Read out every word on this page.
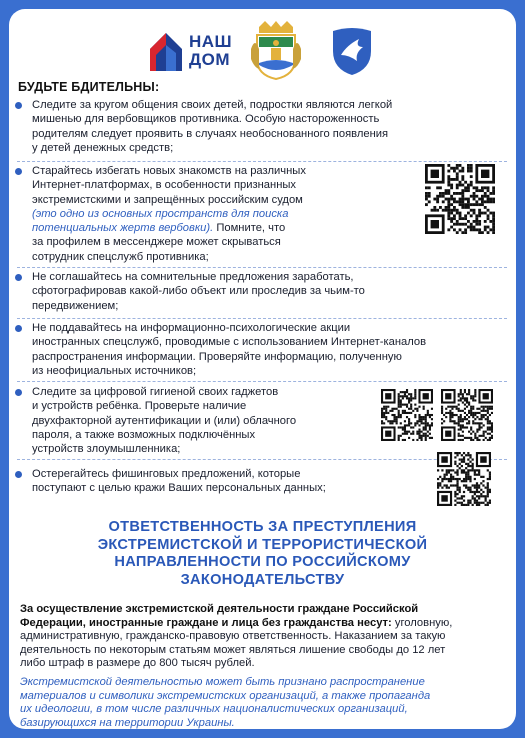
НАШ
ДОМ
БУДЬТЕ БДИТЕЛЬНЫ:
Следите за кругом общения своих детей, подростки являются легкой
мишенью для вербовщиков противника. Особую настороженность
родителям следует проявить в случаях необоснованного появления
у детей денежных средств;
Старайтесь избегать новых знакомств на различных
Интернет-платформах, в особенности признанных
экстремистскими и запрещённых российским судом
(это одно из основных пространств для поиска
потенциальных жертв вербовки). Помните, что
за профилем в мессенджере может скрываться
сотрудник спецслужб противника;
Не соглашайтесь на сомнительные предложения заработать,
сфотографировав какой-либо объект или проследив за чьим-то
передвижением;
Не поддавайтесь на информационно-психологические акции
иностранных спецслужб, проводимые с использованием Интернет-каналов
распространения информации. Проверяйте информацию, полученную
из неофициальных источников;
Следите за цифровой гигиеной своих гаджетов
и устройств ребёнка. Проверьте наличие
двухфакторной аутентификации и (или) облачного
пароля, а также возможных подключённых
устройств злоумышленника;
Остерегайтесь фишинговых предложений, которые
поступают с целью кражи Ваших персональных данных;
ОТВЕТСТВЕННОСТЬ ЗА ПРЕСТУПЛЕНИЯ
ЭКСТРЕМИСТСКОЙ И ТЕРРОРИСТИЧЕСКОЙ
НАПРАВЛЕННОСТИ ПО РОССИЙСКОМУ
ЗАКОНОДАТЕЛЬСТВУ
За осуществление экстремистской деятельности граждане Российской
Федерации, иностранные граждане и лица без гражданства несут: уголовную,
административную, гражданско-правовую ответственность. Наказанием за такую
деятельность по некоторым статьям может являться лишение свободы до 12 лет
либо штраф в размере до 800 тысяч рублей.
Экстремистской деятельностью может быть признано распространение
материалов и символики экстремистских организаций, а также пропаганда
их идеологии, в том числе различных националистических организаций,
базирующихся на территории Украины.
